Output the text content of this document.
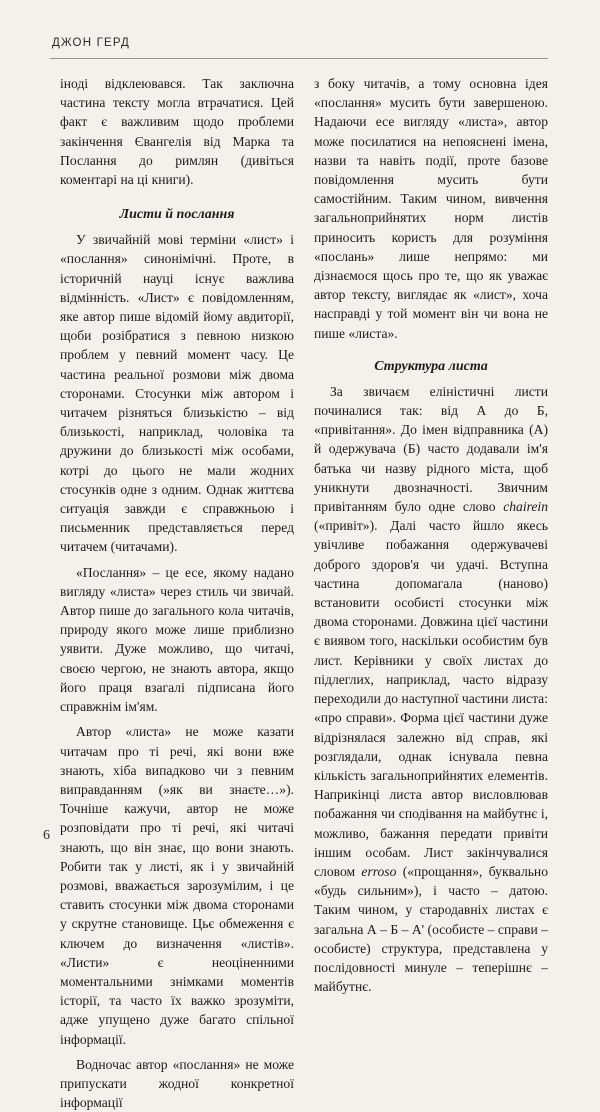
ДЖОН ГЕРД

іноді відклеювався. Так заключна частина тексту могла втрачатися. Цей факт є важливим щодо проблеми закінчення Євангелія від Марка та Послання до римлян (дивіться коментарі на ці книги).

Листи й послання

У звичайній мові терміни «лист» і «послання» синонімічні. Проте, в історичній науці існує важлива відмінність. «Лист» є повідомленням, яке автор пише відомій йому авдиторії, щоби розібратися з певною низкою проблем у певний момент часу. Це частина реальної розмови між двома сторонами. Стосунки між автором і читачем різняться близькістю – від близькості, наприклад, чоловіка та дружини до близькості між особами, котрі до цього не мали жодних стосунків одне з одним. Однак життєва ситуація завжди є справжньою і письменник представляється перед читачем (читачами).

«Послання» – це есе, якому надано вигляду «листа» через стиль чи звичай. Автор пише до загального кола читачів, природу якого може лише приблизно уявити. Дуже можливо, що читачі, своєю чергою, не знають автора, якщо його праця взагалі підписана його справжнім ім'ям.

Автор «листа» не може казати читачам про ті речі, які вони вже знають, хіба випадково чи з певним виправданням (»як ви знаєте…»). Точніше кажучи, автор не може розповідати про ті речі, які читачі знають, що він знає, що вони знають. Робити так у листі, як і у звичайній розмові, вважається зарозумілим, і це ставить стосунки між двома сторонами у скрутне становище. Цьє обмеження є ключем до визначення «листів». «Листи» є неоціненними моментальними знімками моментів історії, та часто їх важко зрозуміти, адже упущено дуже багато спільної інформації.

Водночас автор «послання» не може припускати жодної конкретної інформації

з боку читачів, а тому основна ідея «послання» мусить бути завершеною. Надаючи есе вигляду «листа», автор може посилатися на непояснені імена, назви та навіть події, проте базове повідомлення мусить бути самостійним. Таким чином, вивчення загальноприйнятих норм листів приносить користь для розуміння «послань» лише непрямо: ми дізнаємося щось про те, що як уважає автор тексту, виглядає як «лист», хоча насправді у той момент він чи вона не пише «листа».

Структура листа

За звичаєм еліністичні листи починалися так: від А до Б, «привітання». До імен відправника (А) й одержувача (Б) часто додавали ім'я батька чи назву рідного міста, щоб уникнути двозначності. Звичним привітанням було одне слово chairein («привіт»). Далі часто йшло якесь увічливе побажання одержувачеві доброго здоров'я чи удачі. Вступна частина допомагала (наново) встановити особисті стосунки між двома сторонами. Довжина цієї частини є виявом того, наскільки особистим був лист. Керівники у своїх листах до підлеглих, наприклад, часто відразу переходили до наступної частини листа: «про справи». Форма цієї частини дуже відрізнялася залежно від справ, які розглядали, однак існувала певна кількість загальноприйнятих елементів. Наприкінці листа автор висловлював побажання чи сподівання на майбутнє і, можливо, бажання передати привіти іншим особам. Лист закінчувалися словом erroso («прощання», буквально «будь сильним»), і часто – датою. Таким чином, у стародавніх листах є загальна А – Б – А' (особисте – справи – особисте) структура, представлена у послідовності минуле – теперішнє – майбутнє.

6
